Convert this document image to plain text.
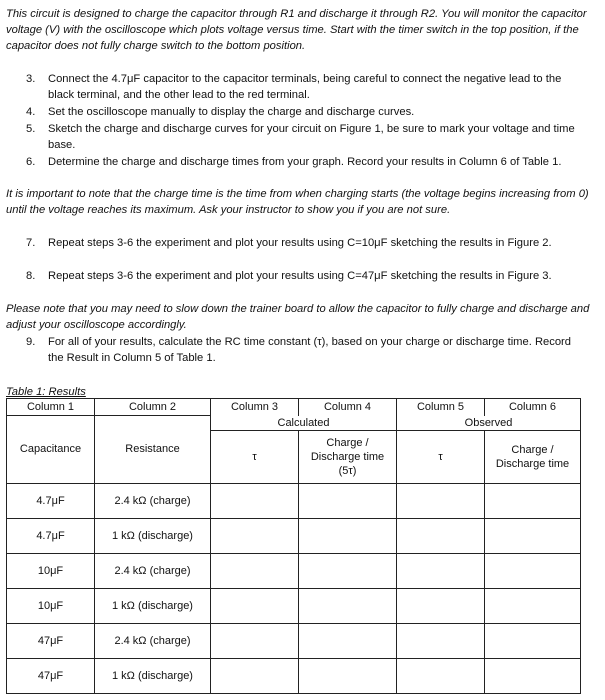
This circuit is designed to charge the capacitor through R1 and discharge it through R2. You will monitor the capacitor voltage (V) with the oscilloscope which plots voltage versus time. Start with the timer switch in the top position, if the capacitor does not fully charge switch to the bottom position.

3.	Connect the 4.7μF capacitor to the capacitor terminals, being careful to connect the negative lead to the black terminal, and the other lead to the red terminal.
4.	Set the oscilloscope manually to display the charge and discharge curves.
5.	Sketch the charge and discharge curves for your circuit on Figure 1, be sure to mark your voltage and time base.
6.	Determine the charge and discharge times from your graph. Record your results in Column 6 of Table 1.

It is important to note that the charge time is the time from when charging starts (the voltage begins increasing from 0) until the voltage reaches its maximum. Ask your instructor to show you if you are not sure.

7.	Repeat steps 3-6 the experiment and plot your results using C=10μF sketching the results in Figure 2.
8.	Repeat steps 3-6 the experiment and plot your results using C=47μF sketching the results in Figure 3.

Please note that you may need to slow down the trainer board to allow the capacitor to fully charge and discharge and adjust your oscilloscope accordingly.

9.	For all of your results, calculate the RC time constant (τ), based on your charge or discharge time. Record the Result in Column 5 of Table 1.
Table 1: Results
Column 1	Column 2	Column 3	Column 4	Column 5	Column 6
Capacitance	Resistance	Calculated		Observed	
		τ	Charge / Discharge time (5τ)	τ	Charge / Discharge time
4.7μF	2.4 kΩ (charge)				
4.7μF	1 kΩ (discharge)				
10μF	2.4 kΩ (charge)				
10μF	1 kΩ (discharge)				
47μF	2.4 kΩ (charge)				
47μF	1 kΩ (discharge)				
